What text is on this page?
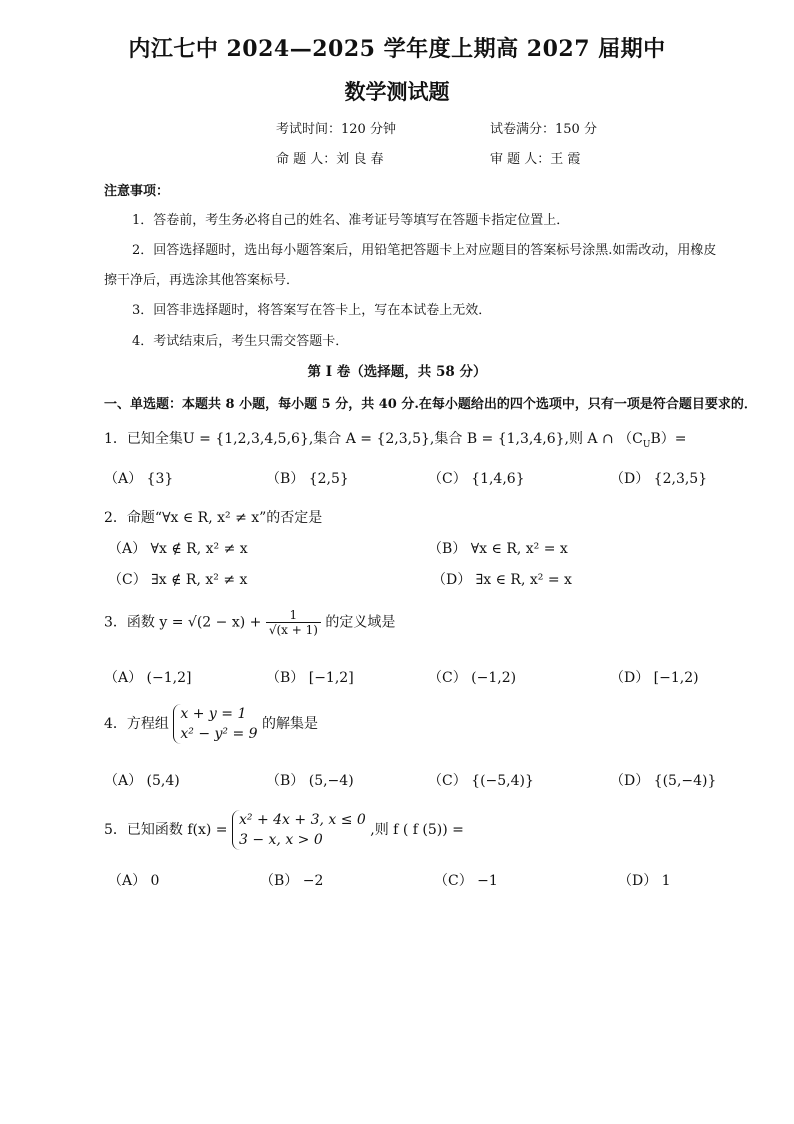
内江七中 2024—2025 学年度上期高 2027 届期中
数学测试题
考试时间：120 分钟	试卷满分：150 分
命 题 人：刘 良 春	审 题 人：王 霞
注意事项：
1．答卷前，考生务必将自己的姓名、准考证号等填写在答题卡指定位置上．
2．回答选择题时，选出每小题答案后，用铅笔把答题卡上对应题目的答案标号涂黑.如需改动，用橡皮
擦干净后，再选涂其他答案标号．
3．回答非选择题时，将答案写在答卡上，写在本试卷上无效．
4．考试结束后，考生只需交答题卡．
第 I 卷（选择题，共 58 分）
一、单选题：本题共 8 小题，每小题 5 分，共 40 分.在每小题给出的四个选项中，只有一项是符合题目要求的．
1．已知全集U = {1,2,3,4,5,6},集合 A = {2,3,5},集合 B = {1,3,4,6},则 A ∩ $(C_UB)=$
（A） {3}	（B） {2,5}	（C） {1,4,6}	（D） {2,3,5}
2．命题“∀x ∈ R, x² ≠ x”的否定是
（A） ∀x ∉ R, x² ≠ x	（B） ∀x ∈ R, x² = x
（C） ∃x ∉ R, x² ≠ x	（D） ∃x ∈ R, x² = x
3．函数 $y = √(2 - x) + \frac{1}{√(x + 1)}$ 的定义域是
（A） (−1,2]	（B） [−1,2]	（C） (−1,2)	（D） [−1,2)
4．方程组
x + y = 1
x² − y² = 9
的解集是
（A） (5,4)	（B） (5,−4)	（C） {(−5,4)}	（D） {(5,−4)}
5．已知函数 f(x) =
x² + 4x + 3, x ≤ 0
3 − x, x > 0
,则 f ( f (5)) =
（A） 0	（B） −2	（C） −1	（D） 1
